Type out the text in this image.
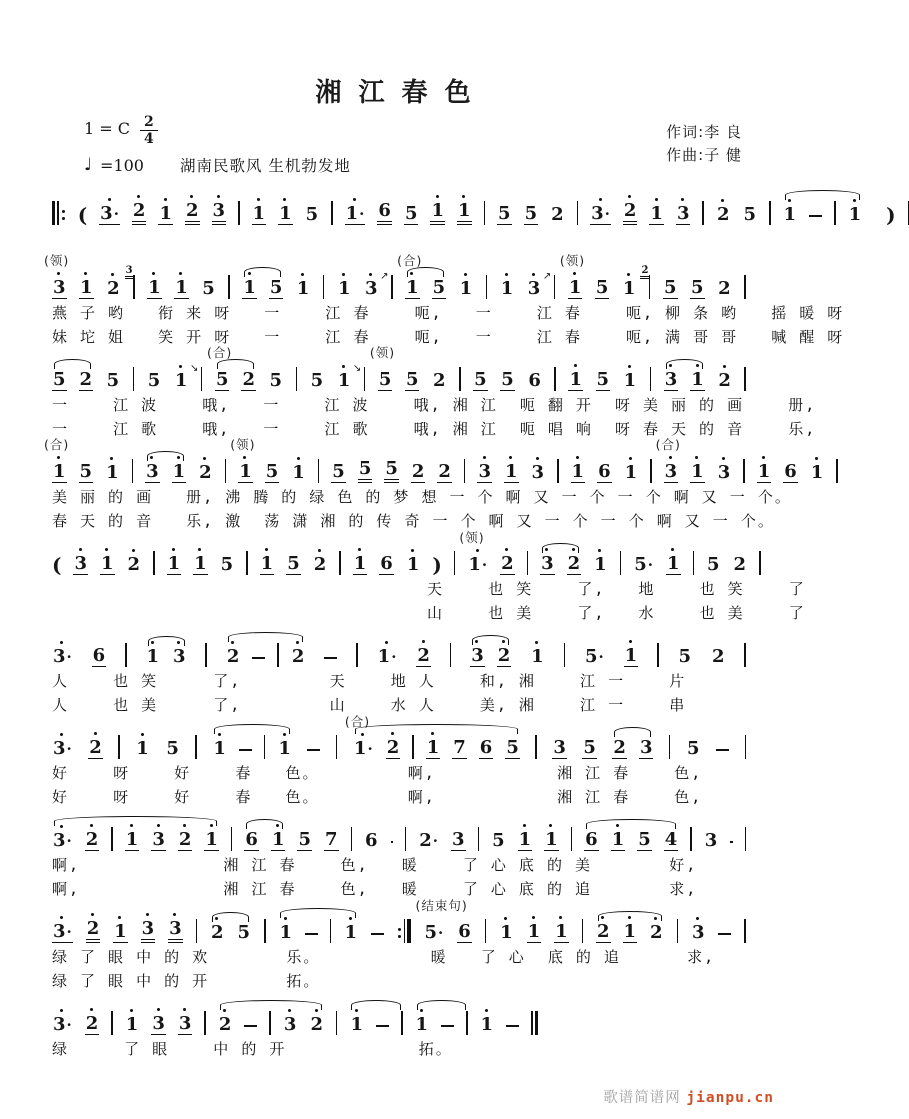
湘 江 春 色
1 = C $\frac{2}{4}$
♩ =100 湖南民歌风 生机勃发地
作词:李 良
作曲:子 健
( 3· 2 1 2 3 1 1 5 1· 6 5 1 1 5 5 2 3· 2 1 3 2 5 1	1 )
3
(领)
1 2
3
1 1 5 1 5 1 1 3
↗
1
(合)
5 1 1 3
↗
1
(领)
5 1
2̇
5 5 2
燕 子 哟   衔 来 呀   一    江 春    呃,   一    江 春    呃, 柳 条 哟   摇 暖 呀
妹 坨 姐   笑 开 呀   一    江 春    呃,   一    江 春    呃, 满 哥 哥   喊 醒 呀
5 2 5 5 1
↘
5
(合)
2 5 5 1
↘
5
(领)
5 2 5 5 6 1 5 1 3 1 2
一    江 波    哦,   一    江 波    哦, 湘 江  呃 翻 开  呀 美 丽 的 画    册,
一    江 歌    哦,   一    江 歌    哦, 湘 江  呃 唱 响  呀 春 天 的 音    乐,
1
(合)
5 1 3 1 2 1
(领)
5 1 5 5 5 2 2 3 1 3 1 6 1 3
(合)
1 3 1 6 1
美 丽 的 画   册, 沸 腾 的 绿 色 的 梦 想 一 个 啊 又 一 个 一 个 啊 又 一 个。
春 天 的 音   乐, 激  荡 潇 湘 的 传 奇 一 个 啊 又 一 个 一 个 啊 又 一 个。
( 3 1 2 1 1 5 1 5 2 1 6 1 ) 1·
(领)
2 3 2 1 5· 1 5 2
天    也 笑    了,   地    也 笑    了
山    也 美    了,   水    也 美    了
3· 6 1 3 2	2	1· 2 3 2 1 5· 1 5 2
人    也 笑     了,        天    地 人    和, 湘    江 一    片
人    也 美     了,        山    水 人    美, 湘    江 一    串
3· 2 1 5 1	1	1·
(合)
2 1 7 6 5 3 5 2 3 5
好    呀    好    春   色。        啊,           湘 江 春    色,
好    呀    好    春   色。        啊,           湘 江 春    色,
3· 2 1 3 2 1 6 1 5 7 6 2· 3 5 1 1 6 1 5 4 3
啊,             湘 江 春    色,   暖    了 心 底 的 美       好,
啊,             湘 江 春    色,   暖    了 心 底 的 追       求,
3· 2 1 3 3 2 5 1	1	5·
(结束句)
6 1 1 1 2 1 2 3
绿 了 眼 中 的 欢       乐。          暖   了 心  底 的 追      求,
绿 了 眼 中 的 开       拓。
3· 2 1 3 3 2	3 2 1	1	1
绿     了 眼    中 的 开            拓。
歌谱简谱网 jianpu.cn
